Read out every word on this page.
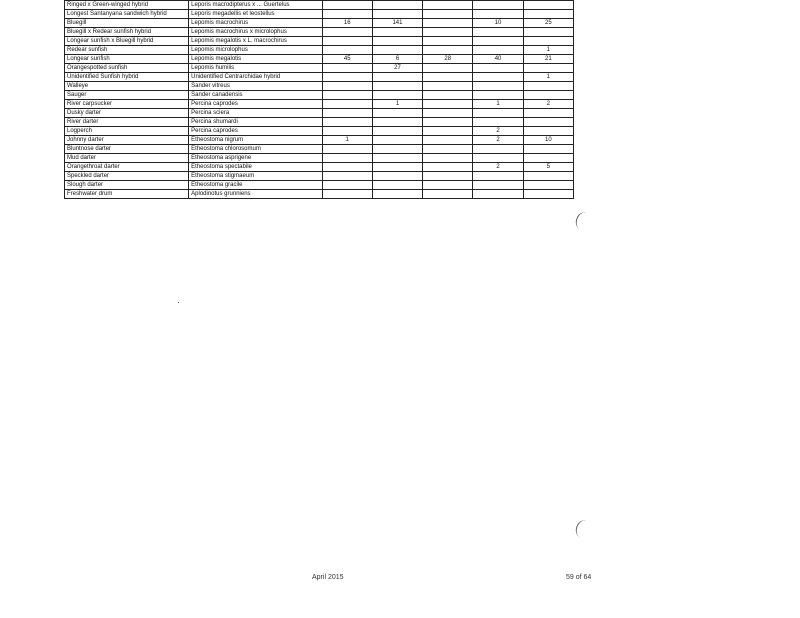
Ringed x Green-winged hybrid	Leporis macrodipterus x ... Guertelus					
Longest Santanyana sandwich hybrid	Leporis megadellis et leostellus					
Bluegill	Lepomis macrochirus	16	141		10	25
Bluegill x Redear sunfish hybrid	Lepomis macrochirus x microlophus					
Longear sunfish x Bluegill hybrid	Lepomis megalotis x L. macrochirus					
Redear sunfish	Lepomis microlophus					1
Longear sunfish	Lepomis megalotis	45	6	28	40	21
Orangespotted sunfish	Lepomis humilis		27			
Unidentified Sunfish hybrid	Unidentified Centrarchidae hybrid					1
Walleye	Sander vitreus					
Sauger	Sander canadensis					
River carpsucker	Percina caprodes		1		1	2
Dusky darter	Percina sciera					
River darter	Percina shumardi					
Logperch	Percina caprodes				2	
Johnny darter	Etheostoma nigrum	1			2	10
Bluntnose darter	Etheostoma chlorosomum					
Mud darter	Etheostoma asprigene					
Orangethroat darter	Etheostoma spectabile				2	5
Speckled darter	Etheostoma stigmaeum					
Slough darter	Etheostoma gracile					
Freshwater drum	Aplodinotus grunniens					
April 2015	59 of 64
